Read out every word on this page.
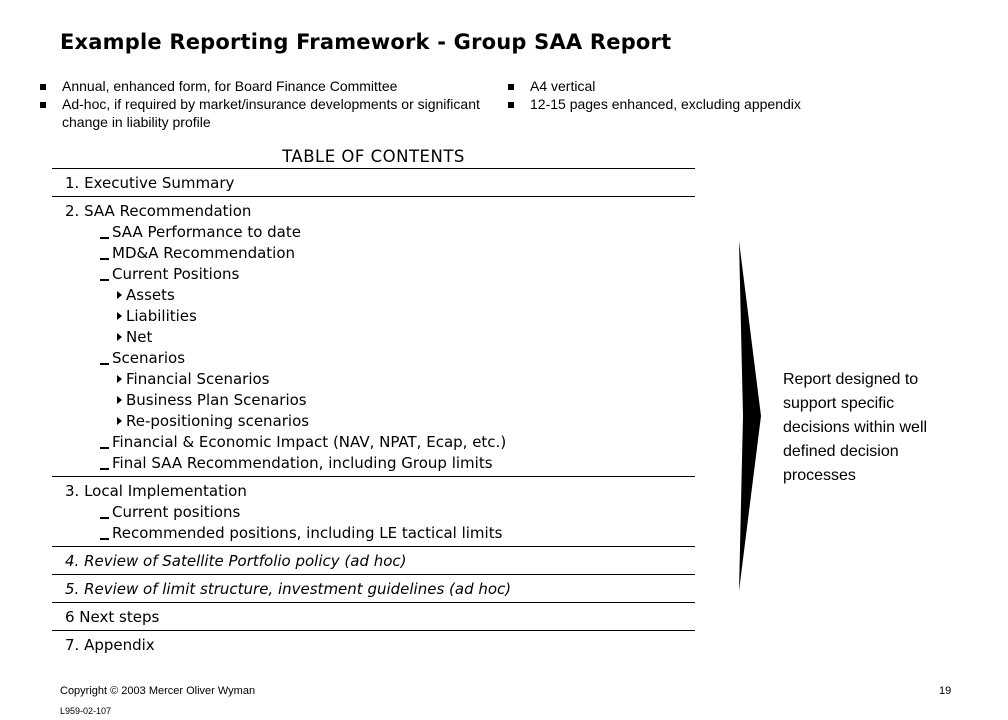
Example Reporting Framework - Group SAA Report
Annual, enhanced form, for Board Finance Committee
Ad-hoc, if required by market/insurance developments or significant change in liability profile
A4 vertical
12-15 pages enhanced, excluding appendix
TABLE OF CONTENTS
1. Executive Summary
2. SAA Recommendation
SAA Performance to date
MD&A Recommendation
Current Positions
Assets
Liabilities
Net
Scenarios
Financial Scenarios
Business Plan Scenarios
Re-positioning scenarios
Financial & Economic Impact (NAV, NPAT, Ecap, etc.)
Final SAA Recommendation, including Group limits
3. Local Implementation
Current positions
Recommended positions, including LE tactical limits
4. Review of Satellite Portfolio policy (ad hoc)
5. Review of limit structure, investment guidelines (ad hoc)
6 Next steps
7. Appendix
Report designed to support specific decisions within well defined decision processes
Copyright © 2003 Mercer Oliver Wyman
L959-02-107
19
